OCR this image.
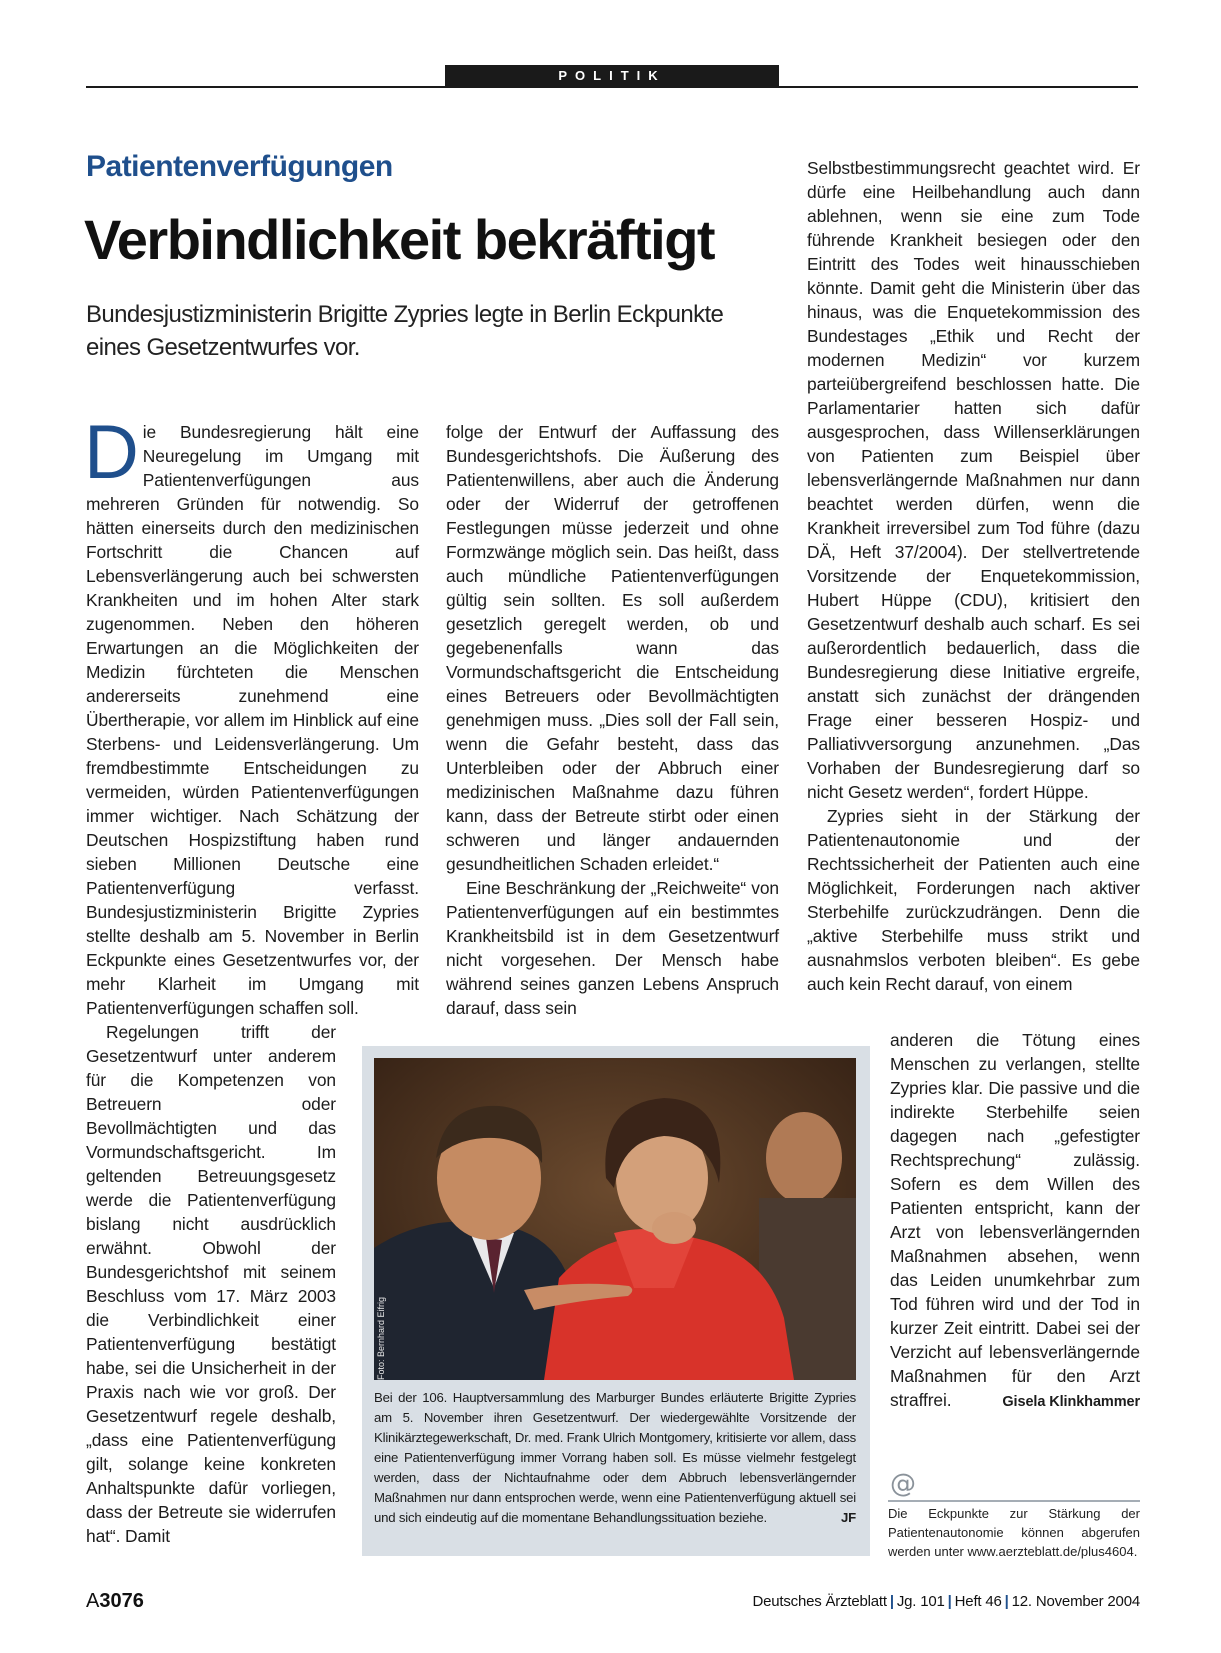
POLITIK
Patientenverfügungen
Verbindlichkeit bekräftigt
Bundesjustizministerin Brigitte Zypries legte in Berlin Eckpunkte eines Gesetzentwurfes vor.

Die Bundesregierung hält eine Neuregelung im Umgang mit Patientenverfügungen aus mehreren Gründen für notwendig. So hätten einerseits durch den medizinischen Fortschritt die Chancen auf Lebensverlängerung auch bei schwersten Krankheiten und im hohen Alter stark zugenommen. Neben den höheren Erwartungen an die Möglichkeiten der Medizin fürchteten die Menschen andererseits zunehmend eine Übertherapie, vor allem im Hinblick auf eine Sterbens- und Leidensverlängerung. Um fremdbestimmte Entscheidungen zu vermeiden, würden Patientenverfügungen immer wichtiger. Nach Schätzung der Deutschen Hospizstiftung haben rund sieben Millionen Deutsche eine Patientenverfügung verfasst. Bundesjustizministerin Brigitte Zypries stellte deshalb am 5. November in Berlin Eckpunkte eines Gesetzentwurfes vor, der mehr Klarheit im Umgang mit Patientenverfügungen schaffen soll.

Regelungen trifft der Gesetzentwurf unter anderem für die Kompetenzen von Betreuern oder Bevollmächtigten und das Vormundschaftsgericht. Im geltenden Betreuungsgesetz werde die Patientenverfügung bislang nicht ausdrücklich erwähnt. Obwohl der Bundesgerichtshof mit seinem Beschluss vom 17. März 2003 die Verbindlichkeit einer Patientenverfügung bestätigt habe, sei die Unsicherheit in der Praxis nach wie vor groß. Der Gesetzentwurf regele deshalb, „dass eine Patientenverfügung gilt, solange keine konkreten Anhaltspunkte dafür vorliegen, dass der Betreute sie widerrufen hat“. Damit

folge der Entwurf der Auffassung des Bundesgerichtshofs. Die Äußerung des Patientenwillens, aber auch die Änderung oder der Widerruf der getroffenen Festlegungen müsse jederzeit und ohne Formzwänge möglich sein. Das heißt, dass auch mündliche Patientenverfügungen gültig sein sollten. Es soll außerdem gesetzlich geregelt werden, ob und gegebenenfalls wann das Vormundschaftsgericht die Entscheidung eines Betreuers oder Bevollmächtigten genehmigen muss. „Dies soll der Fall sein, wenn die Gefahr besteht, dass das Unterbleiben oder der Abbruch einer medizinischen Maßnahme dazu führen kann, dass der Betreute stirbt oder einen schweren und länger andauernden gesundheitlichen Schaden erleidet.“

Eine Beschränkung der „Reichweite“ von Patientenverfügungen auf ein bestimmtes Krankheitsbild ist in dem Gesetzentwurf nicht vorgesehen. Der Mensch habe während seines ganzen Lebens Anspruch darauf, dass sein

Selbstbestimmungsrecht geachtet wird. Er dürfe eine Heilbehandlung auch dann ablehnen, wenn sie eine zum Tode führende Krankheit besiegen oder den Eintritt des Todes weit hinausschieben könnte. Damit geht die Ministerin über das hinaus, was die Enquetekommission des Bundestages „Ethik und Recht der modernen Medizin“ vor kurzem parteiübergreifend beschlossen hatte. Die Parlamentarier hatten sich dafür ausgesprochen, dass Willenserklärungen von Patienten zum Beispiel über lebensverlängernde Maßnahmen nur dann beachtet werden dürfen, wenn die Krankheit irreversibel zum Tod führe (dazu DÄ, Heft 37/2004). Der stellvertretende Vorsitzende der Enquetekommission, Hubert Hüppe (CDU), kritisiert den Gesetzentwurf deshalb auch scharf. Es sei außerordentlich bedauerlich, dass die Bundesregierung diese Initiative ergreife, anstatt sich zunächst der drängenden Frage einer besseren Hospiz- und Palliativversorgung anzunehmen. „Das Vorhaben der Bundesregierung darf so nicht Gesetz werden“, fordert Hüppe.

Zypries sieht in der Stärkung der Patientenautonomie und der Rechtssicherheit der Patienten auch eine Möglichkeit, Forderungen nach aktiver Sterbehilfe zurückzudrängen. Denn die „aktive Sterbehilfe muss strikt und ausnahmslos verboten bleiben“. Es gebe auch kein Recht darauf, von einem

anderen die Tötung eines Menschen zu verlangen, stellte Zypries klar. Die passive und die indirekte Sterbehilfe seien dagegen nach „gefestigter Rechtsprechung“ zulässig. Sofern es dem Willen des Patienten entspricht, kann der Arzt von lebensverlängernden Maßnahmen absehen, wenn das Leiden unumkehrbar zum Tod führen wird und der Tod in kurzer Zeit eintritt. Dabei sei der Verzicht auf lebensverlängernde Maßnahmen für den Arzt straffrei.	Gisela Klinkhammer

Foto: Bernhard Eifrig
Bei der 106. Hauptversammlung des Marburger Bundes erläuterte Brigitte Zypries am 5. November ihren Gesetzentwurf. Der wiedergewählte Vorsitzende der Klinikärztegewerkschaft, Dr. med. Frank Ulrich Montgomery, kritisierte vor allem, dass eine Patientenverfügung immer Vorrang haben soll. Es müsse vielmehr festgelegt werden, dass der Nichtaufnahme oder dem Abbruch lebensverlängernder Maßnahmen nur dann entsprochen werde, wenn eine Patientenverfügung aktuell sei und sich eindeutig auf die momentane Behandlungssituation beziehe.	JF
@
Die Eckpunkte zur Stärkung der Patientenautonomie können abgerufen werden unter www.aerzteblatt.de/plus4604.
A3076	Deutsches Ärzteblatt | Jg. 101 | Heft 46 | 12. November 2004
